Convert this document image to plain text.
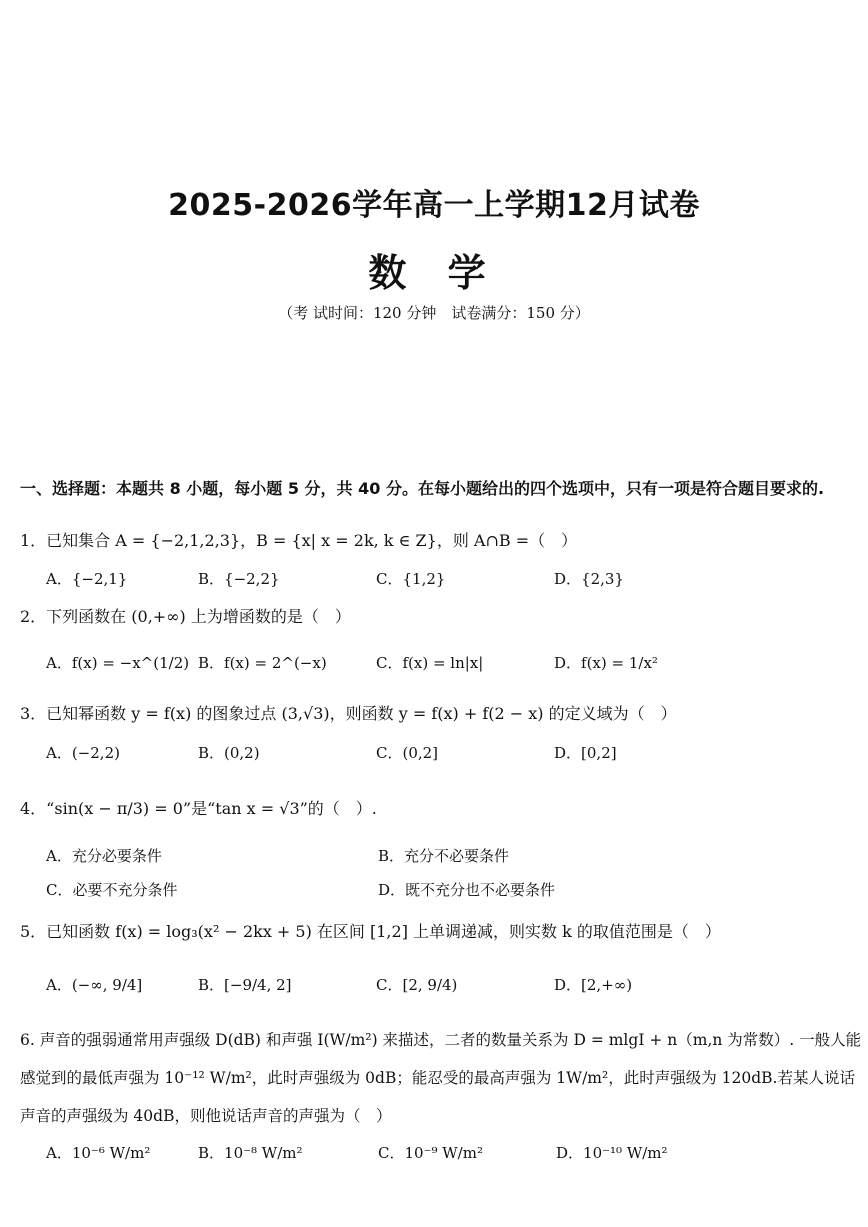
2025-2026学年高一上学期12月试卷
数 学
（考 试时间：120 分钟　试卷满分：150 分）
一、选择题：本题共 8 小题，每小题 5 分，共 40 分。在每小题给出的四个选项中，只有一项是符合题目要求的.
1．已知集合 A = {−2,1,2,3}，B = {x| x = 2k, k ∈ Z}，则 A∩B =（　）
A．{−2,1}	B．{−2,2}	C．{1,2}	D．{2,3}
2．下列函数在 (0,+∞) 上为增函数的是（　）
A．f(x) = −x^(1/2) B．f(x) = 2^(−x)	C．f(x) = ln|x|	D．f(x) = 1/x²
3．已知幂函数 y = f(x) 的图象过点 (3,√3)，则函数 y = f(x) + f(2 − x) 的定义域为（　）
A．(−2,2)	B．(0,2)	C．(0,2]	D．[0,2]
4．“sin(x − π/3) = 0”是“tan x = √3”的（　）.
A．充分必要条件	B．充分不必要条件
C．必要不充分条件	D．既不充分也不必要条件
5．已知函数 f(x) = log₃(x² − 2kx + 5) 在区间 [1,2] 上单调递减，则实数 k 的取值范围是（　）
A．(−∞, 9/4]	B．[−9/4, 2]	C．[2, 9/4)	D．[2,+∞)
6. 声音的强弱通常用声强级 D(dB) 和声强 I(W/m²) 来描述，二者的数量关系为 D = mlgI + n（m,n 为常数）. 一般人能感觉到的最低声强为 10⁻¹² W/m²，此时声强级为 0dB；能忍受的最高声强为 1W/m²，此时声强级为 120dB.若某人说话声音的声强级为 40dB，则他说话声音的声强为（　）
A．10⁻⁶ W/m²	B．10⁻⁸ W/m²	C．10⁻⁹ W/m²	D．10⁻¹⁰ W/m²
